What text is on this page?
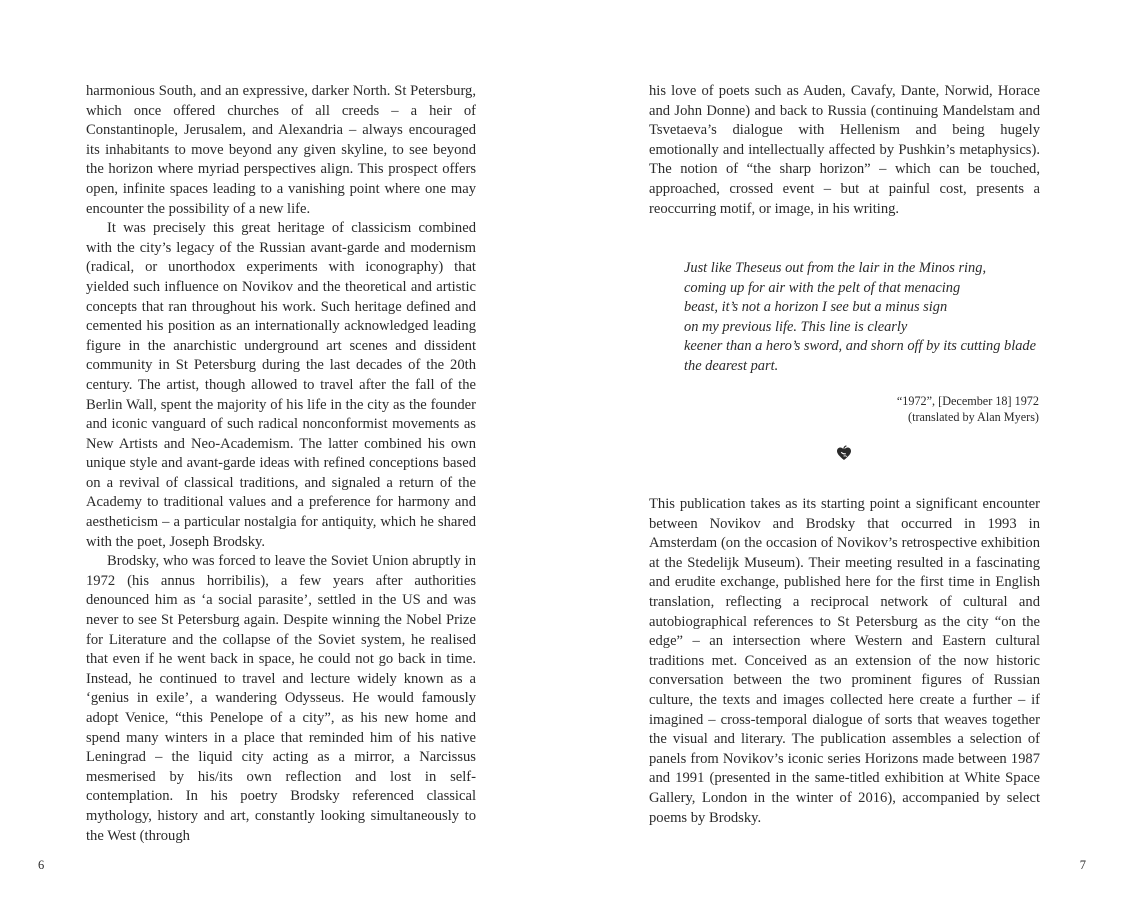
harmonious South, and an expressive, darker North. St Petersburg, which once offered churches of all creeds – a heir of Constantinople, Jerusalem, and Alexandria – always encouraged its inhabitants to move beyond any given skyline, to see beyond the horizon where myriad perspectives align. This prospect offers open, infinite spaces leading to a vanishing point where one may encounter the possibility of a new life.

It was precisely this great heritage of classicism combined with the city’s legacy of the Russian avant-garde and modernism (radical, or unorthodox experiments with iconography) that yielded such influence on Novikov and the theoretical and artistic concepts that ran throughout his work. Such heritage defined and cemented his position as an internationally acknowledged leading figure in the anarchistic underground art scenes and dissident community in St Petersburg during the last decades of the 20th century. The artist, though allowed to travel after the fall of the Berlin Wall, spent the majority of his life in the city as the founder and iconic vanguard of such radical nonconformist movements as New Artists and Neo-Academism. The latter combined his own unique style and avant-garde ideas with refined conceptions based on a revival of classical traditions, and signaled a return of the Academy to traditional values and a preference for harmony and aestheticism – a particular nostalgia for antiquity, which he shared with the poet, Joseph Brodsky.

Brodsky, who was forced to leave the Soviet Union abruptly in 1972 (his annus horribilis), a few years after authorities denounced him as ‘a social parasite’, settled in the US and was never to see St Petersburg again. Despite winning the Nobel Prize for Literature and the collapse of the Soviet system, he realised that even if he went back in space, he could not go back in time. Instead, he continued to travel and lecture widely known as a ‘genius in exile’, a wandering Odysseus. He would famously adopt Venice, “this Penelope of a city”, as his new home and spend many winters in a place that reminded him of his native Leningrad – the liquid city acting as a mirror, a Narcissus mesmerised by his/its own reflection and lost in self-contemplation. In his poetry Brodsky referenced classical mythology, history and art, constantly looking simultaneously to the West (through

6

his love of poets such as Auden, Cavafy, Dante, Norwid, Horace and John Donne) and back to Russia (continuing Mandelstam and Tsvetaeva’s dialogue with Hellenism and being hugely emotionally and intellectually affected by Pushkin’s metaphysics). The notion of “the sharp horizon” – which can be touched, approached, crossed event – but at painful cost, presents a reoccurring motif, or image, in his writing.

Just like Theseus out from the lair in the Minos ring,
coming up for air with the pelt of that menacing
beast, it’s not a horizon I see but a minus sign
on my previous life. This line is clearly
keener than a hero’s sword, and shorn off by its cutting blade
the dearest part.
“1972”, [December 18] 1972
(translated by Alan Myers)

This publication takes as its starting point a significant encounter between Novikov and Brodsky that occurred in 1993 in Amsterdam (on the occasion of Novikov’s retrospective exhibition at the Stedelijk Museum). Their meeting resulted in a fascinating and erudite exchange, published here for the first time in English translation, reflecting a reciprocal network of cultural and autobiographical references to St Petersburg as the city “on the edge” – an intersection where Western and Eastern cultural traditions met. Conceived as an extension of the now historic conversation between the two prominent figures of Russian culture, the texts and images collected here create a further – if imagined – cross-temporal dialogue of sorts that weaves together the visual and literary. The publication assembles a selection of panels from Novikov’s iconic series Horizons made between 1987 and 1991 (presented in the same-titled exhibition at White Space Gallery, London in the winter of 2016), accompanied by select poems by Brodsky.

7
